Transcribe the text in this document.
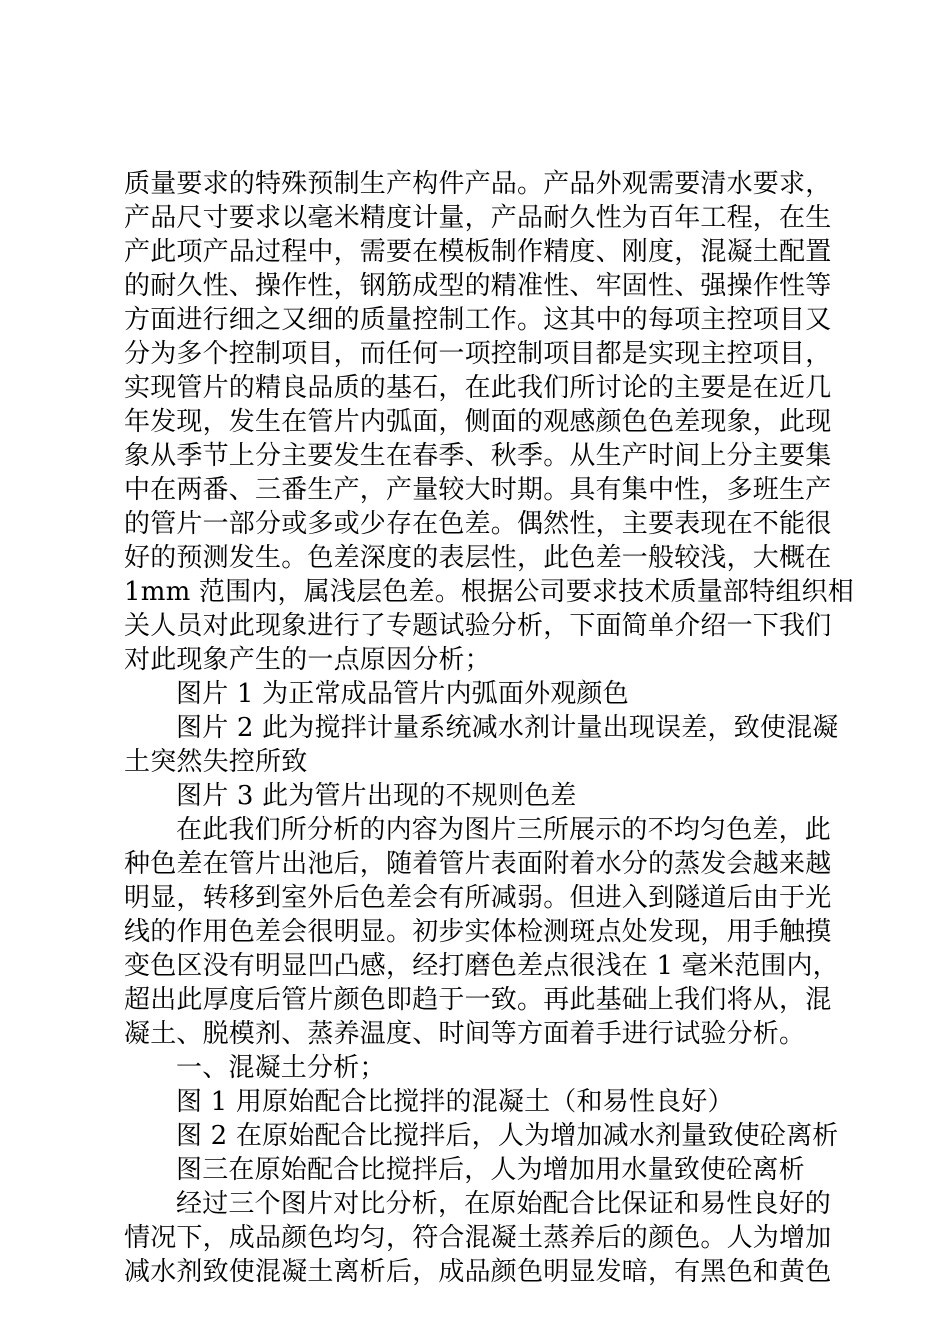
质量要求的特殊预制生产构件产品。产品外观需要清水要求，
产品尺寸要求以毫米精度计量，产品耐久性为百年工程，在生
产此项产品过程中，需要在模板制作精度、刚度，混凝土配置
的耐久性、操作性，钢筋成型的精准性、牢固性、强操作性等
方面进行细之又细的质量控制工作。这其中的每项主控项目又
分为多个控制项目，而任何一项控制项目都是实现主控项目，
实现管片的精良品质的基石，在此我们所讨论的主要是在近几
年发现，发生在管片内弧面，侧面的观感颜色色差现象，此现
象从季节上分主要发生在春季、秋季。从生产时间上分主要集
中在两番、三番生产，产量较大时期。具有集中性，多班生产
的管片一部分或多或少存在色差。偶然性，主要表现在不能很
好的预测发生。色差深度的表层性，此色差一般较浅，大概在
1mm 范围内，属浅层色差。根据公司要求技术质量部特组织相
关人员对此现象进行了专题试验分析，下面简单介绍一下我们
对此现象产生的一点原因分析；
图片 1 为正常成品管片内弧面外观颜色
图片 2 此为搅拌计量系统减水剂计量出现误差，致使混凝
土突然失控所致
图片 3 此为管片出现的不规则色差
在此我们所分析的内容为图片三所展示的不均匀色差，此
种色差在管片出池后，随着管片表面附着水分的蒸发会越来越
明显，转移到室外后色差会有所减弱。但进入到隧道后由于光
线的作用色差会很明显。初步实体检测斑点处发现，用手触摸
变色区没有明显凹凸感，经打磨色差点很浅在 1 毫米范围内，
超出此厚度后管片颜色即趋于一致。再此基础上我们将从，混
凝土、脱模剂、蒸养温度、时间等方面着手进行试验分析。
一、混凝土分析；
图 1 用原始配合比搅拌的混凝土（和易性良好）
图 2 在原始配合比搅拌后，人为增加减水剂量致使砼离析
图三在原始配合比搅拌后，人为增加用水量致使砼离析
经过三个图片对比分析，在原始配合比保证和易性良好的
情况下，成品颜色均匀，符合混凝土蒸养后的颜色。人为增加
减水剂致使混凝土离析后，成品颜色明显发暗，有黑色和黄色
